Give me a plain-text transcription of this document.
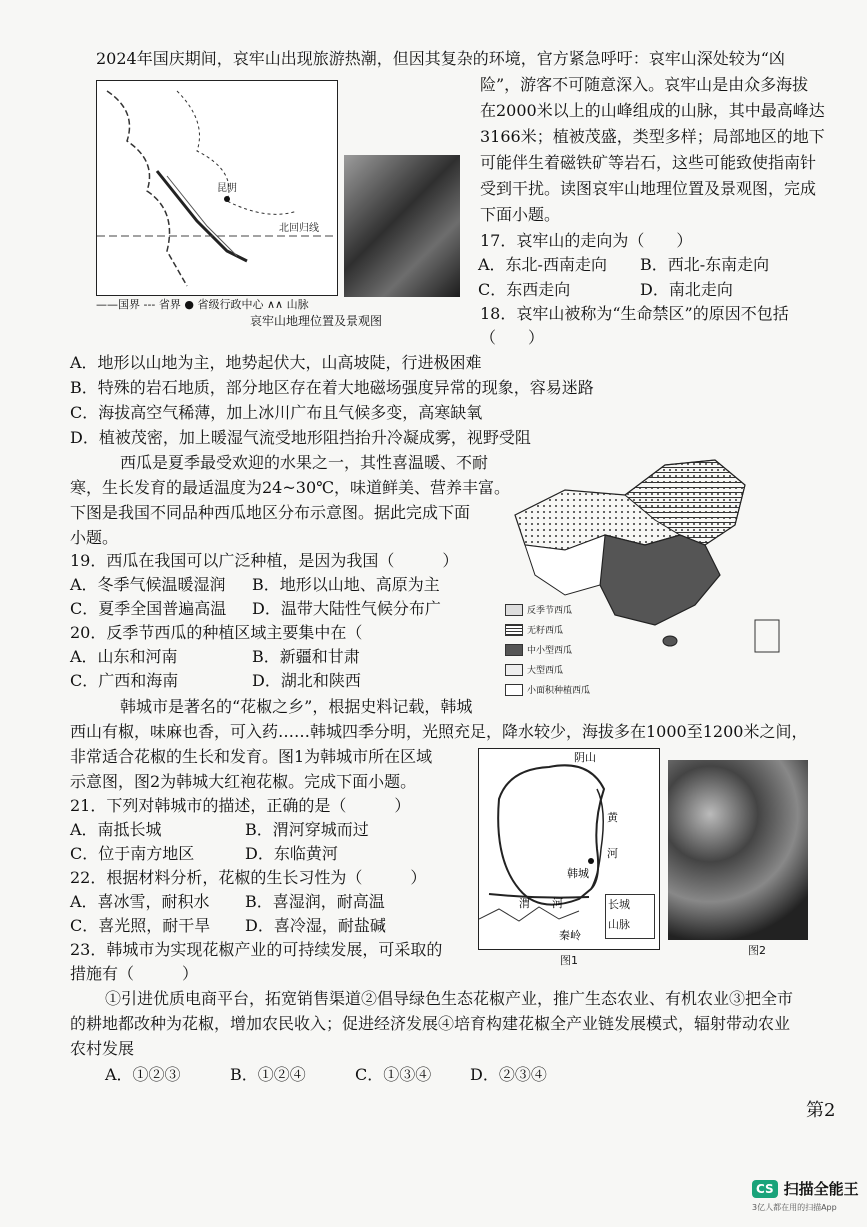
2024年国庆期间，哀牢山出现旅游热潮，但因其复杂的环境，官方紧急呼吁：哀牢山深处较为“凶
险”，游客不可随意深入。哀牢山是由众多海拔
在2000米以上的山峰组成的山脉，其中最高峰达
3166米；植被茂盛，类型多样；局部地区的地下
可能伴生着磁铁矿等岩石，这些可能致使指南针
受到干扰。读图哀牢山地理位置及景观图，完成
下面小题。
昆明
北回归线
——国界 --- 省界 ● 省级行政中心 ∧∧ 山脉
哀牢山地理位置及景观图
17．哀牢山的走向为（　　）
A．东北-西南走向 B．西北-东南走向
C．东西走向	D．南北走向
18．哀牢山被称为“生命禁区”的原因不包括
（　　）
A．地形以山地为主，地势起伏大，山高坡陡，行进极困难
B．特殊的岩石地质，部分地区存在着大地磁场强度异常的现象，容易迷路
C．海拔高空气稀薄，加上冰川广布且气候多变，高寒缺氧
D．植被茂密，加上暖湿气流受地形阻挡抬升冷凝成雾，视野受阻
西瓜是夏季最受欢迎的水果之一，其性喜温暖、不耐
寒，生长发育的最适温度为24~30℃，味道鲜美、营养丰富。
下图是我国不同品种西瓜地区分布示意图。据此完成下面
小题。
反季节西瓜
无籽西瓜
中小型西瓜
大型西瓜
小面积种植西瓜
19．西瓜在我国可以广泛种植，是因为我国（　　　）
A．冬季气候温暖湿润 B．地形以山地、高原为主
C．夏季全国普遍高温 D．温带大陆性气候分布广
20．反季节西瓜的种植区域主要集中在（
A．山东和河南	B．新疆和甘肃
C．广西和海南	D．湖北和陕西
韩城市是著名的“花椒之乡”，根据史料记载，韩城
西山有椒，味麻也香，可入药……韩城四季分明，光照充足，降水较少，海拔多在1000至1200米之间，
非常适合花椒的生长和发育。图1为韩城市所在区域
示意图，图2为韩城大红袍花椒。完成下面小题。
阴山
黄
河
韩城
渭　　河
秦岭
长城
山脉
图1
图2
21．下列对韩城市的描述，正确的是（　　　）
A．南抵长城	B．渭河穿城而过
C．位于南方地区	D．东临黄河
22．根据材料分析，花椒的生长习性为（　　　）
A．喜冰雪，耐积水 B．喜湿润，耐高温
C．喜光照，耐干旱 D．喜冷湿，耐盐碱
23．韩城市为实现花椒产业的可持续发展，可采取的
措施有（　　　）
①引进优质电商平台，拓宽销售渠道②倡导绿色生态花椒产业，推广生态农业、有机农业③把全市
的耕地都改种为花椒，增加农民收入；促进经济发展④培育构建花椒全产业链发展模式，辐射带动农业
农村发展
A．①②③	B．①②④	C．①③④ D．②③④
第2
CS 扫描全能王
3亿人都在用的扫描App
